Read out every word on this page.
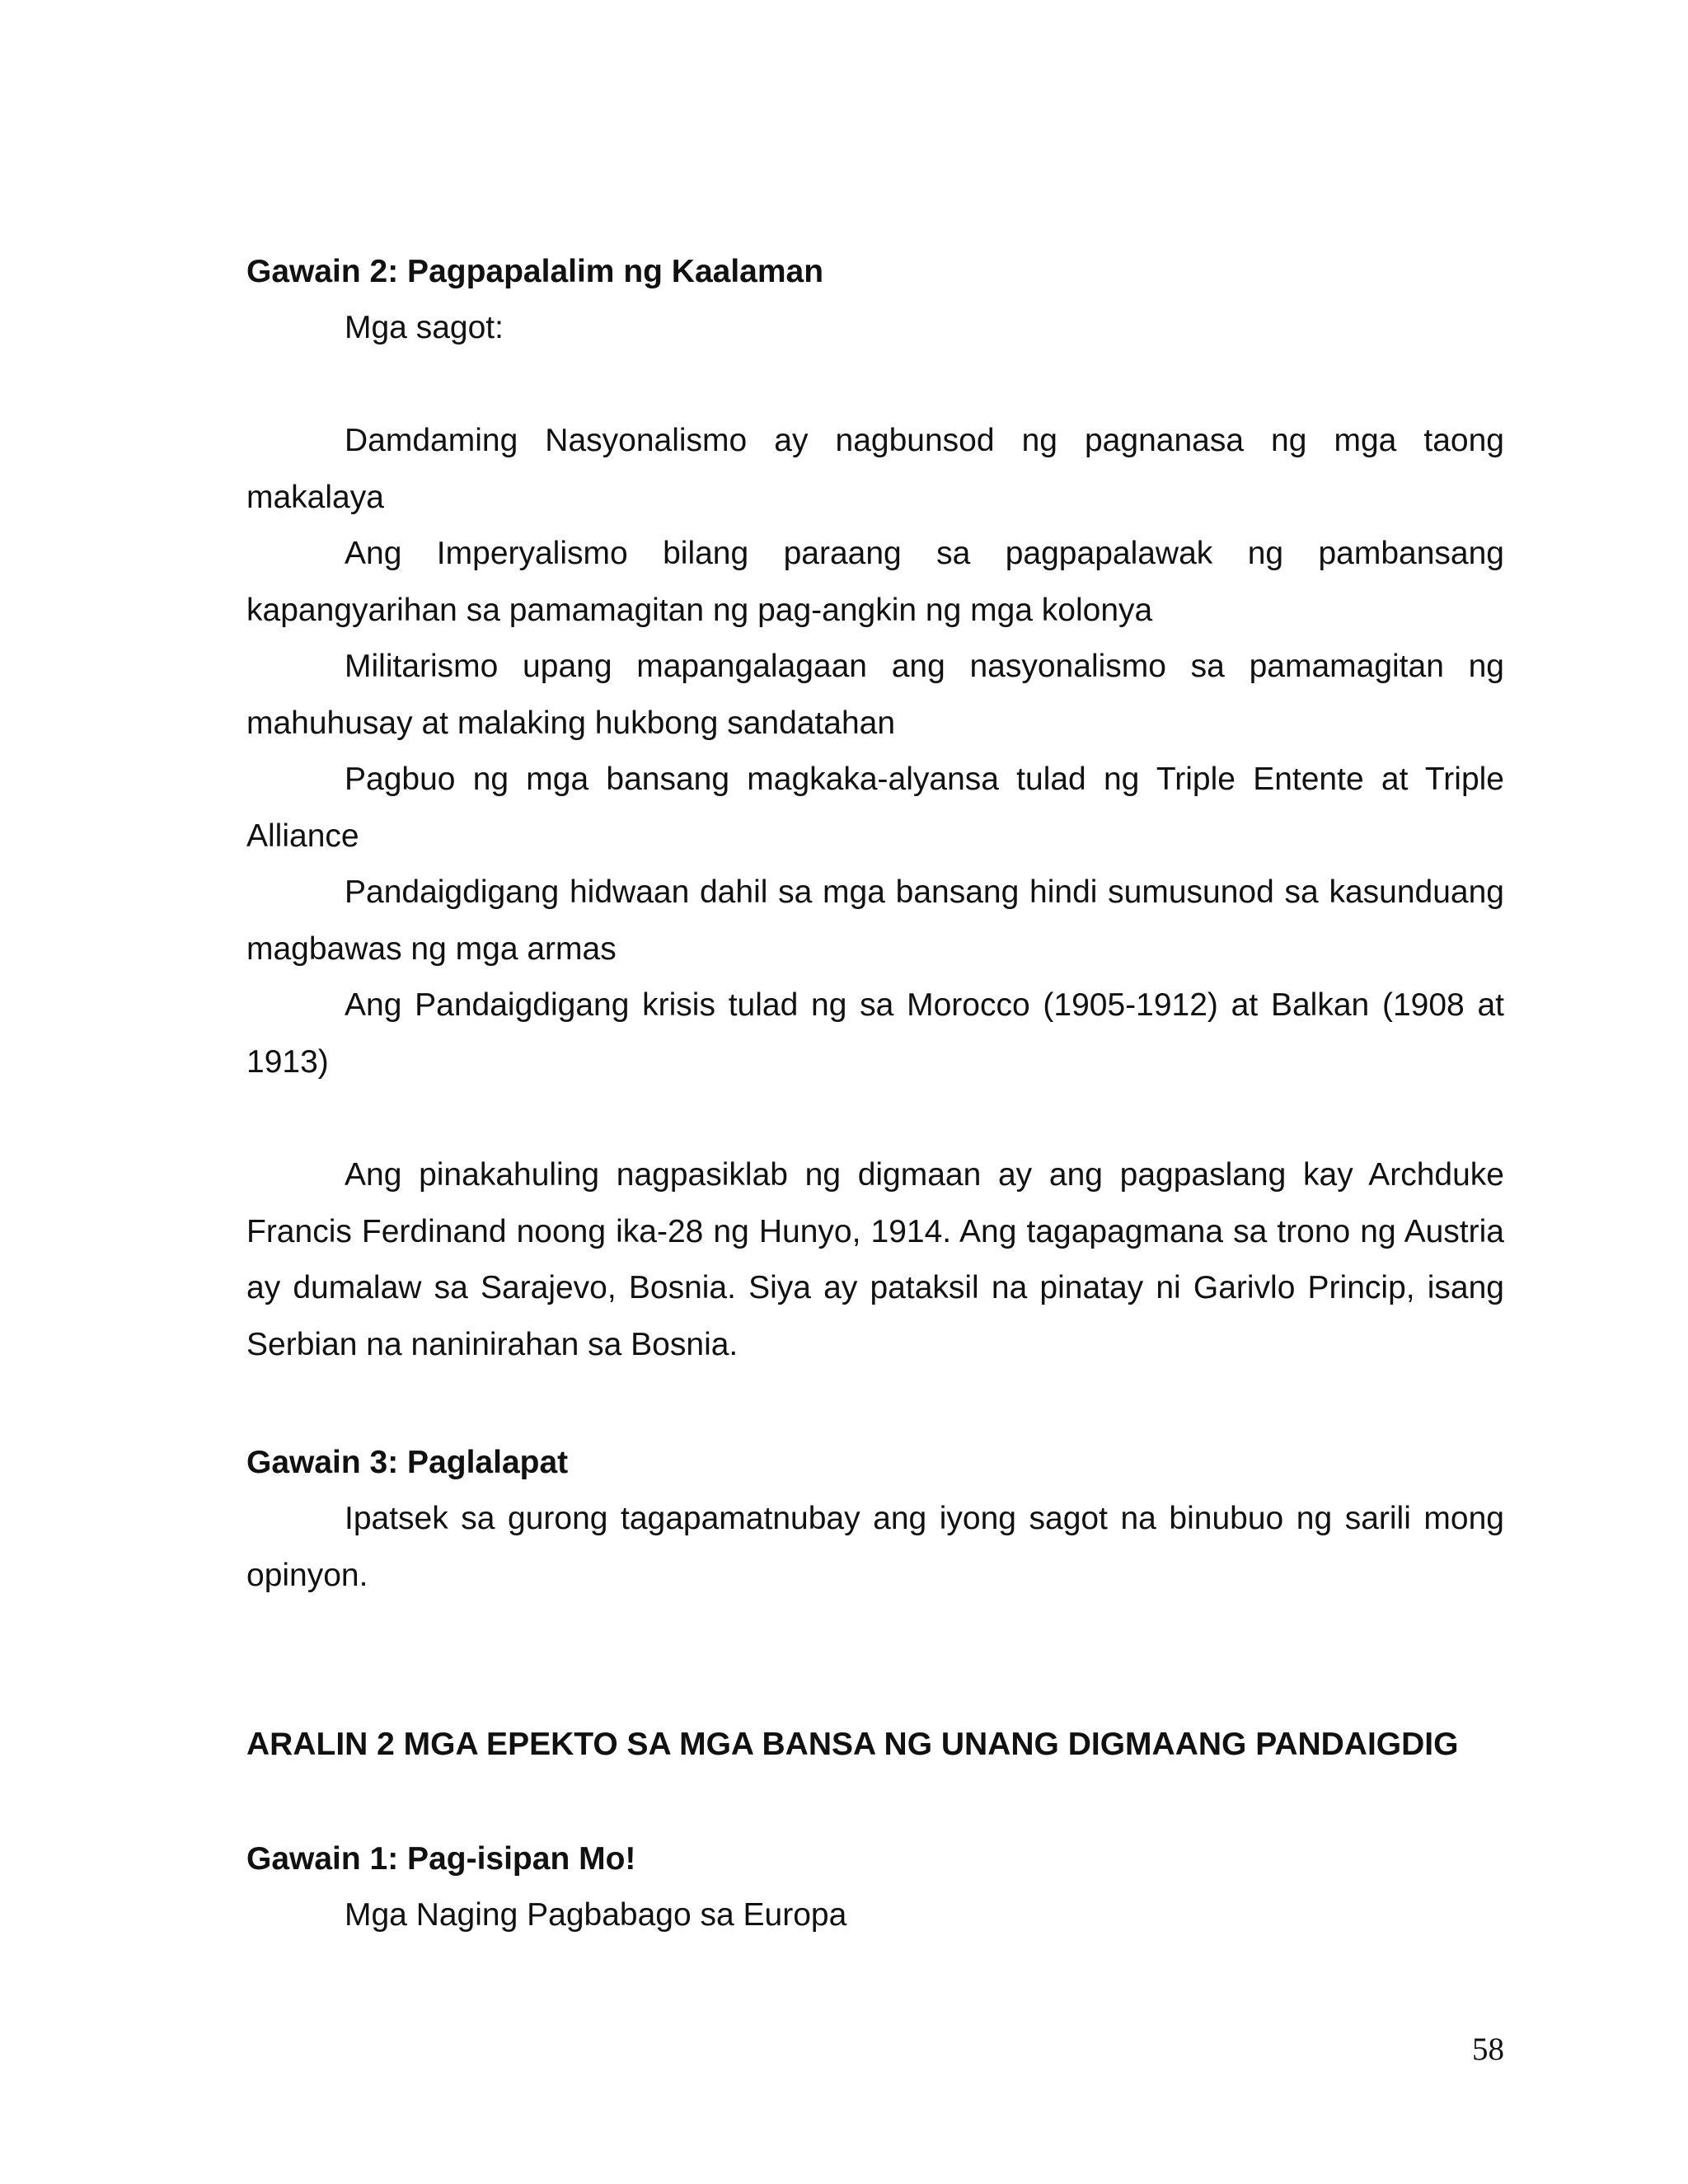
Gawain 2: Pagpapalalim ng Kaalaman

Mga sagot:

Damdaming Nasyonalismo ay nagbunsod ng pagnanasa ng mga taong makalaya

Ang Imperyalismo bilang paraang sa pagpapalawak ng pambansang kapangyarihan sa pamamagitan ng pag-angkin ng mga kolonya

Militarismo upang mapangalagaan ang nasyonalismo sa pamamagitan ng mahuhusay at malaking hukbong sandatahan

Pagbuo ng mga bansang magkaka-alyansa tulad ng Triple Entente at Triple Alliance

Pandaigdigang hidwaan dahil sa mga bansang hindi sumusunod sa kasunduang magbawas ng mga armas

Ang Pandaigdigang krisis tulad ng sa Morocco (1905-1912) at Balkan (1908 at 1913)

Ang pinakahuling nagpasiklab ng digmaan ay ang pagpaslang kay Archduke Francis Ferdinand noong ika-28 ng Hunyo, 1914. Ang tagapagmana sa trono ng Austria ay dumalaw sa Sarajevo, Bosnia. Siya ay pataksil na pinatay ni Garivlo Princip, isang Serbian na naninirahan sa Bosnia.

Gawain 3: Paglalapat

Ipatsek sa gurong tagapamatnubay ang iyong sagot na binubuo ng sarili mong opinyon.

ARALIN 2 MGA EPEKTO SA MGA BANSA NG UNANG DIGMAANG PANDAIGDIG

Gawain 1: Pag-isipan Mo!

Mga Naging Pagbabago sa Europa

58
